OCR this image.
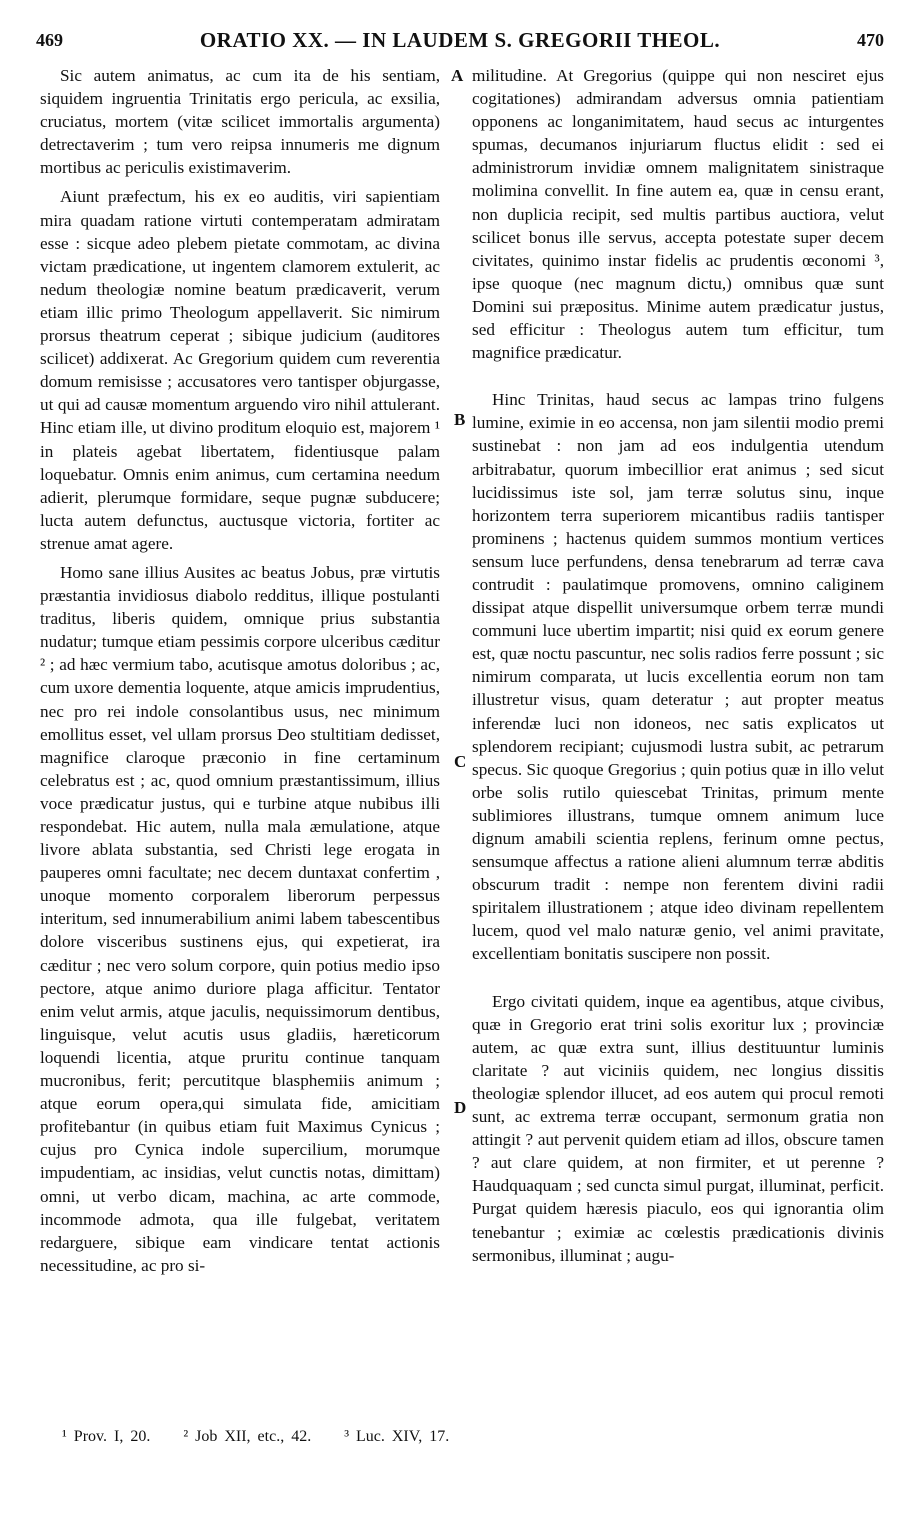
469	ORATIO XX. — IN LAUDEM S. GREGORII THEOL.	470

Sic autem animatus, ac cum ita de his sentiam, siquidem ingruentia Trinitatis ergo pericula, ac exsilia, cruciatus, mortem (vitæ scilicet immortalis argumenta) detrectaverim ; tum vero reipsa innumeris me dignum mortibus ac periculis existimaverim.

Aiunt præfectum, his ex eo auditis, viri sapientiam mira quadam ratione virtuti contemperatam admiratam esse : sicque adeo plebem pietate commotam, ac divina victam prædicatione, ut ingentem clamorem extulerit, ac nedum theologiæ nomine beatum prædicaverit, verum etiam illic primo Theologum appellaverit. Sic nimirum prorsus theatrum ceperat ; sibique judicium (auditores scilicet) addixerat. Ac Gregorium quidem cum reverentia domum remisisse ; accusatores vero tantisper objurgasse, ut qui ad causæ momentum arguendo viro nihil attulerant. Hinc etiam ille, ut divino proditum eloquio est, majorem ¹ in plateis agebat libertatem, fidentiusque palam loquebatur. Omnis enim animus, cum certamina needum adierit, plerumque formidare, seque pugnæ subducere; lucta autem defunctus, auctusque victoria, fortiter ac strenue amat agere.

Homo sane illius Ausites ac beatus Jobus, præ virtutis præstantia invidiosus diabolo redditus, illique postulanti traditus, liberis quidem, omnique prius substantia nudatur; tumque etiam pessimis corpore ulceribus cæditur ² ; ad hæc vermium tabo, acutisque amotus doloribus ; ac, cum uxore dementia loquente, atque amicis imprudentius, nec pro rei indole consolantibus usus, nec minimum emollitus esset, vel ullam prorsus Deo stultitiam dedisset, magnifice claroque præconio in fine certaminum celebratus est ; ac, quod omnium præstantissimum, illius voce prædicatur justus, qui e turbine atque nubibus illi respondebat. Hic autem, nulla mala æmulatione, atque livore ablata substantia, sed Christi lege erogata in pauperes omni facultate; nec decem duntaxat confertim , unoque momento corporalem liberorum perpessus interitum, sed innumerabilium animi labem tabescentibus dolore visceribus sustinens ejus, qui expetierat, ira cæditur ; nec vero solum corpore, quin potius medio ipso pectore, atque animo duriore plaga afficitur. Tentator enim velut armis, atque jaculis, nequissimorum dentibus, linguisque, velut acutis usus gladiis, hæreticorum loquendi licentia, atque pruritu continue tanquam mucronibus, ferit; percutitque blasphemiis animum ; atque eorum opera,qui simulata fide, amicitiam profitebantur (in quibus etiam fuit Maximus Cynicus ; cujus pro Cynica indole supercilium, morumque impudentiam, ac insidias, velut cunctis notas, dimittam) omni, ut verbo dicam, machina, ac arte commode, incommode admota, qua ille fulgebat, veritatem redarguere, sibique eam vindicare tentat actionis necessitudine, ac pro si-

A
B
C
D

militudine. At Gregorius (quippe qui non nesciret ejus cogitationes) admirandam adversus omnia patientiam opponens ac longanimitatem, haud secus ac inturgentes spumas, decumanos injuriarum fluctus elidit : sed ei administrorum invidiæ omnem malignitatem sinistraque molimina convellit. In fine autem ea, quæ in censu erant, non duplicia recipit, sed multis partibus auctiora, velut scilicet bonus ille servus, accepta potestate super decem civitates, quinimo instar fidelis ac prudentis œconomi ³, ipse quoque (nec magnum dictu,) omnibus quæ sunt Domini sui præpositus. Minime autem prædicatur justus, sed efficitur : Theologus autem tum efficitur, tum magnifice prædicatur.

Hinc Trinitas, haud secus ac lampas trino fulgens lumine, eximie in eo accensa, non jam silentii modio premi sustinebat : non jam ad eos indulgentia utendum arbitrabatur, quorum imbecillior erat animus ; sed sicut lucidissimus iste sol, jam terræ solutus sinu, inque horizontem terra superiorem micantibus radiis tantisper prominens ; hactenus quidem summos montium vertices sensum luce perfundens, densa tenebrarum ad terræ cava contrudit : paulatimque promovens, omnino caliginem dissipat atque dispellit universumque orbem terræ mundi communi luce ubertim impartit; nisi quid ex eorum genere est, quæ noctu pascuntur, nec solis radios ferre possunt ; sic nimirum comparata, ut lucis excellentia eorum non tam illustretur visus, quam deteratur ; aut propter meatus inferendæ luci non idoneos, nec satis explicatos ut splendorem recipiant; cujusmodi lustra subit, ac petrarum specus. Sic quoque Gregorius ; quin potius quæ in illo velut orbe solis rutilo quiescebat Trinitas, primum mente sublimiores illustrans, tumque omnem animum luce dignum amabili scientia replens, ferinum omne pectus, sensumque affectus a ratione alieni alumnum terræ abditis obscurum tradit : nempe non ferentem divini radii spiritalem illustrationem ; atque ideo divinam repellentem lucem, quod vel malo naturæ genio, vel animi pravitate, excellentiam bonitatis suscipere non possit.

Ergo civitati quidem, inque ea agentibus, atque civibus, quæ in Gregorio erat trini solis exoritur lux ; provinciæ autem, ac quæ extra sunt, illius destituuntur luminis claritate ? aut viciniis quidem, nec longius dissitis theologiæ splendor illucet, ad eos autem qui procul remoti sunt, ac extrema terræ occupant, sermonum gratia non attingit ? aut pervenit quidem etiam ad illos, obscure tamen ? aut clare quidem, at non firmiter, et ut perenne ? Haudquaquam ; sed cuncta simul purgat, illuminat, perficit. Purgat quidem hæresis piaculo, eos qui ignorantia olim tenebantur ; eximiæ ac cœlestis prædicationis divinis sermonibus, illuminat ; augu-

¹ Prov. I, 20. ² Job XII, etc., 42. ³ Luc. XIV, 17.
